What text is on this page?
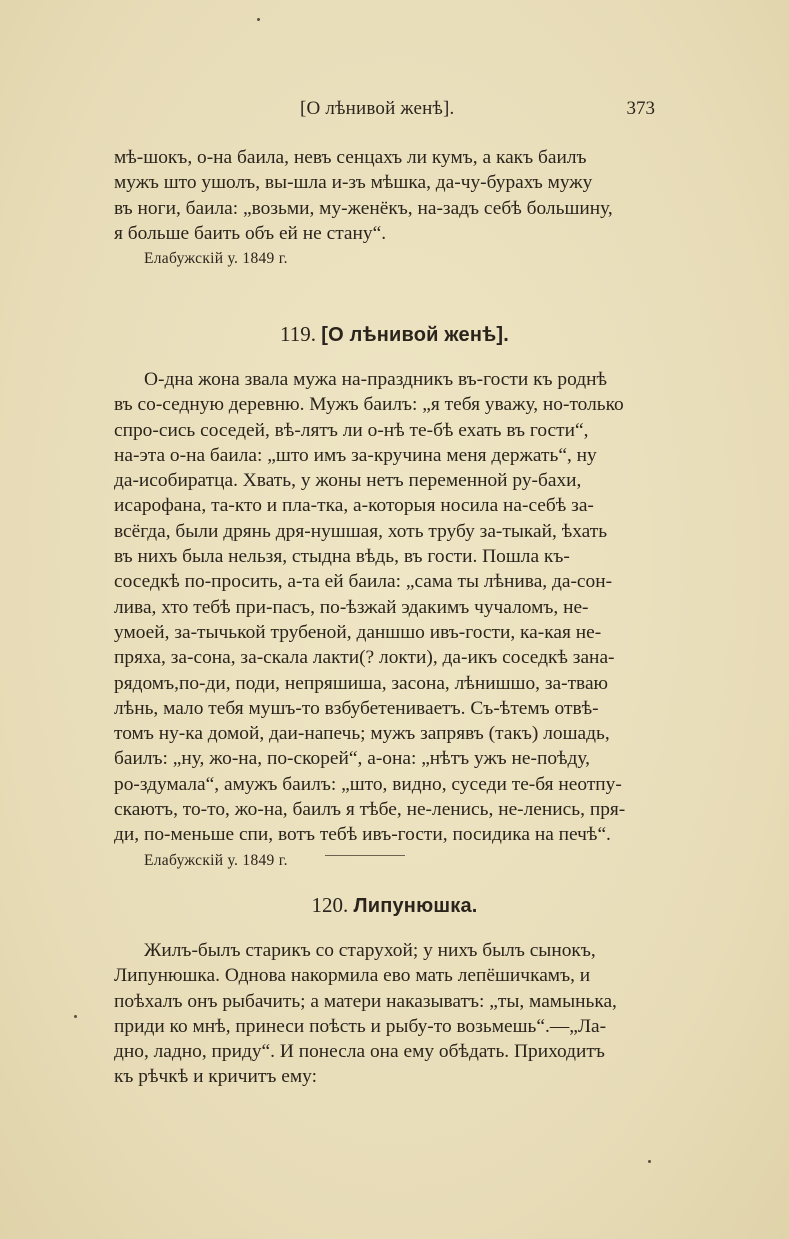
[О лѣнивой женѣ].	373

мѣ-шокъ, о-на баила, невъ сенцахъ ли кумъ, а какъ баилъ

мужъ што ушолъ, вы-шла и-зъ мѣшка, да-чу-бурахъ мужу

въ ноги, баила: „возьми, му-женёкъ, на-задъ себѣ большину,

я больше баить объ ей не стану“.

Елабужскій у. 1849 г.

119. [О лѣнивой женѣ].

О-дна жона звала мужа на-праздникъ въ-гости къ роднѣ

въ со-седную деревню. Мужъ баилъ: „я тебя уважу, но-только

спро-сись соседей, вѣ-лятъ ли о-нѣ те-бѣ ехать въ гости“,

на-эта о-на баила: „што имъ за-кручина меня держать“, ну

да-исобиратца. Хвать, у жоны нетъ переменной ру-бахи,

исарофана, та-кто и пла-тка, а-которыя носила на-себѣ за-

всёгда, были дрянь дря-нушшая, хоть трубу за-тыкай, ѣхать

въ нихъ была нельзя, стыдна вѣдь, въ гости. Пошла къ-

соседкѣ по-просить, а-та ей баила: „сама ты лѣнива, да-сон-

лива, хто тебѣ при-пасъ, по-ѣзжай эдакимъ чучаломъ, не-

умоей, за-тычькой трубеной, даншшо ивъ-гости, ка-кая не-

пряха, за-сона, за-скала лакти(? локти), да-икъ соседкѣ зана-

рядомъ,по-ди, поди, непряшиша, засона, лѣнишшо, за-тваю

лѣнь, мало тебя мушъ-то взбубетениваетъ. Съ-ѣтемъ отвѣ-

томъ ну-ка домой, даи-напечь; мужъ запрявъ (такъ) лошадь,

баилъ: „ну, жо-на, по-скорей“, а-она: „нѣтъ ужъ не-поѣду,

ро-здумала“, амужъ баилъ: „што, видно, суседи те-бя неотпу-

скаютъ, то-то, жо-на, баилъ я тѣбе, не-ленись, не-ленись, пря-

ди, по-меньше спи, вотъ тебѣ ивъ-гости, посидика на печѣ“.

Елабужскій у. 1849 г.

120. Липунюшка.

Жилъ-былъ старикъ со старухой; у нихъ былъ сынокъ,

Липунюшка. Однова накормила ево мать лепёшичкамъ, и

поѣхалъ онъ рыбачить; а матери наказыватъ: „ты, мамынька,

приди ко мнѣ, принеси поѣсть и рыбу-то возьмешь“.—„Ла-

дно, ладно, приду“. И понесла она ему обѣдать. Приходитъ

къ рѣчкѣ и кричитъ ему:
